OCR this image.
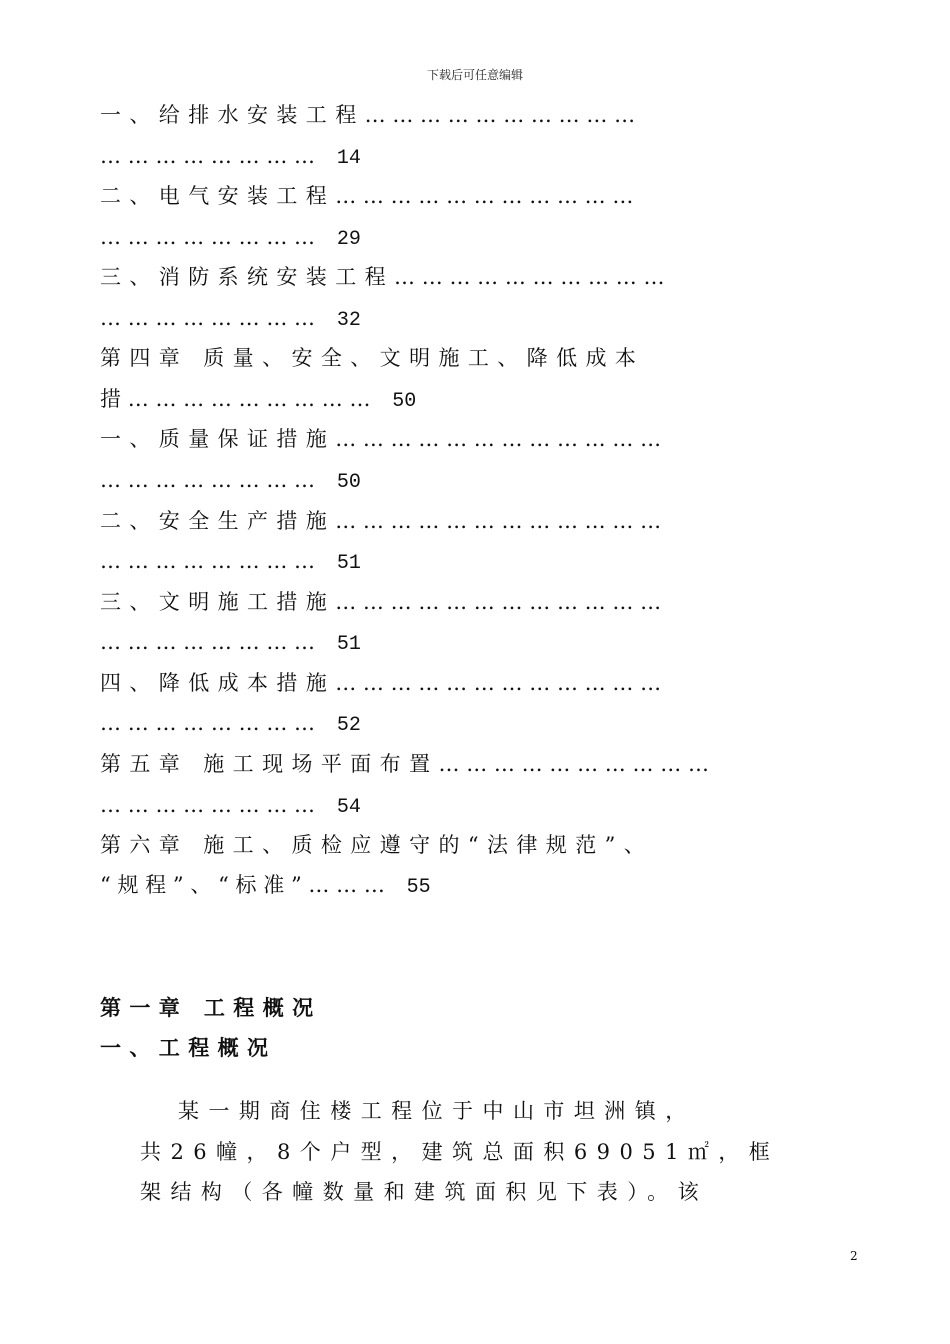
下载后可任意编辑
一、给排水安装工程…………………………
…………………… 14
二、电气安装工程……………………………
…………………… 29
三、消防系统安装工程…………………………
…………………… 32
第四章 质量、安全、文明施工、降低成本
措……………………… 50
一、质量保证措施………………………………
…………………… 50
二、安全生产措施………………………………
…………………… 51
三、文明施工措施………………………………
…………………… 51
四、降低成本措施………………………………
…………………… 52
第五章 施工现场平面布置…………………………
…………………… 54
第六章 施工、质检应遵守的“法律规范”、
“规程”、“标准”……… 55
第一章 工程概况
一、工程概况
某一期商住楼工程位于中山市坦洲镇，
共26幢，8个户型，建筑总面积69051㎡，框
架结构（各幢数量和建筑面积见下表）。该
2
